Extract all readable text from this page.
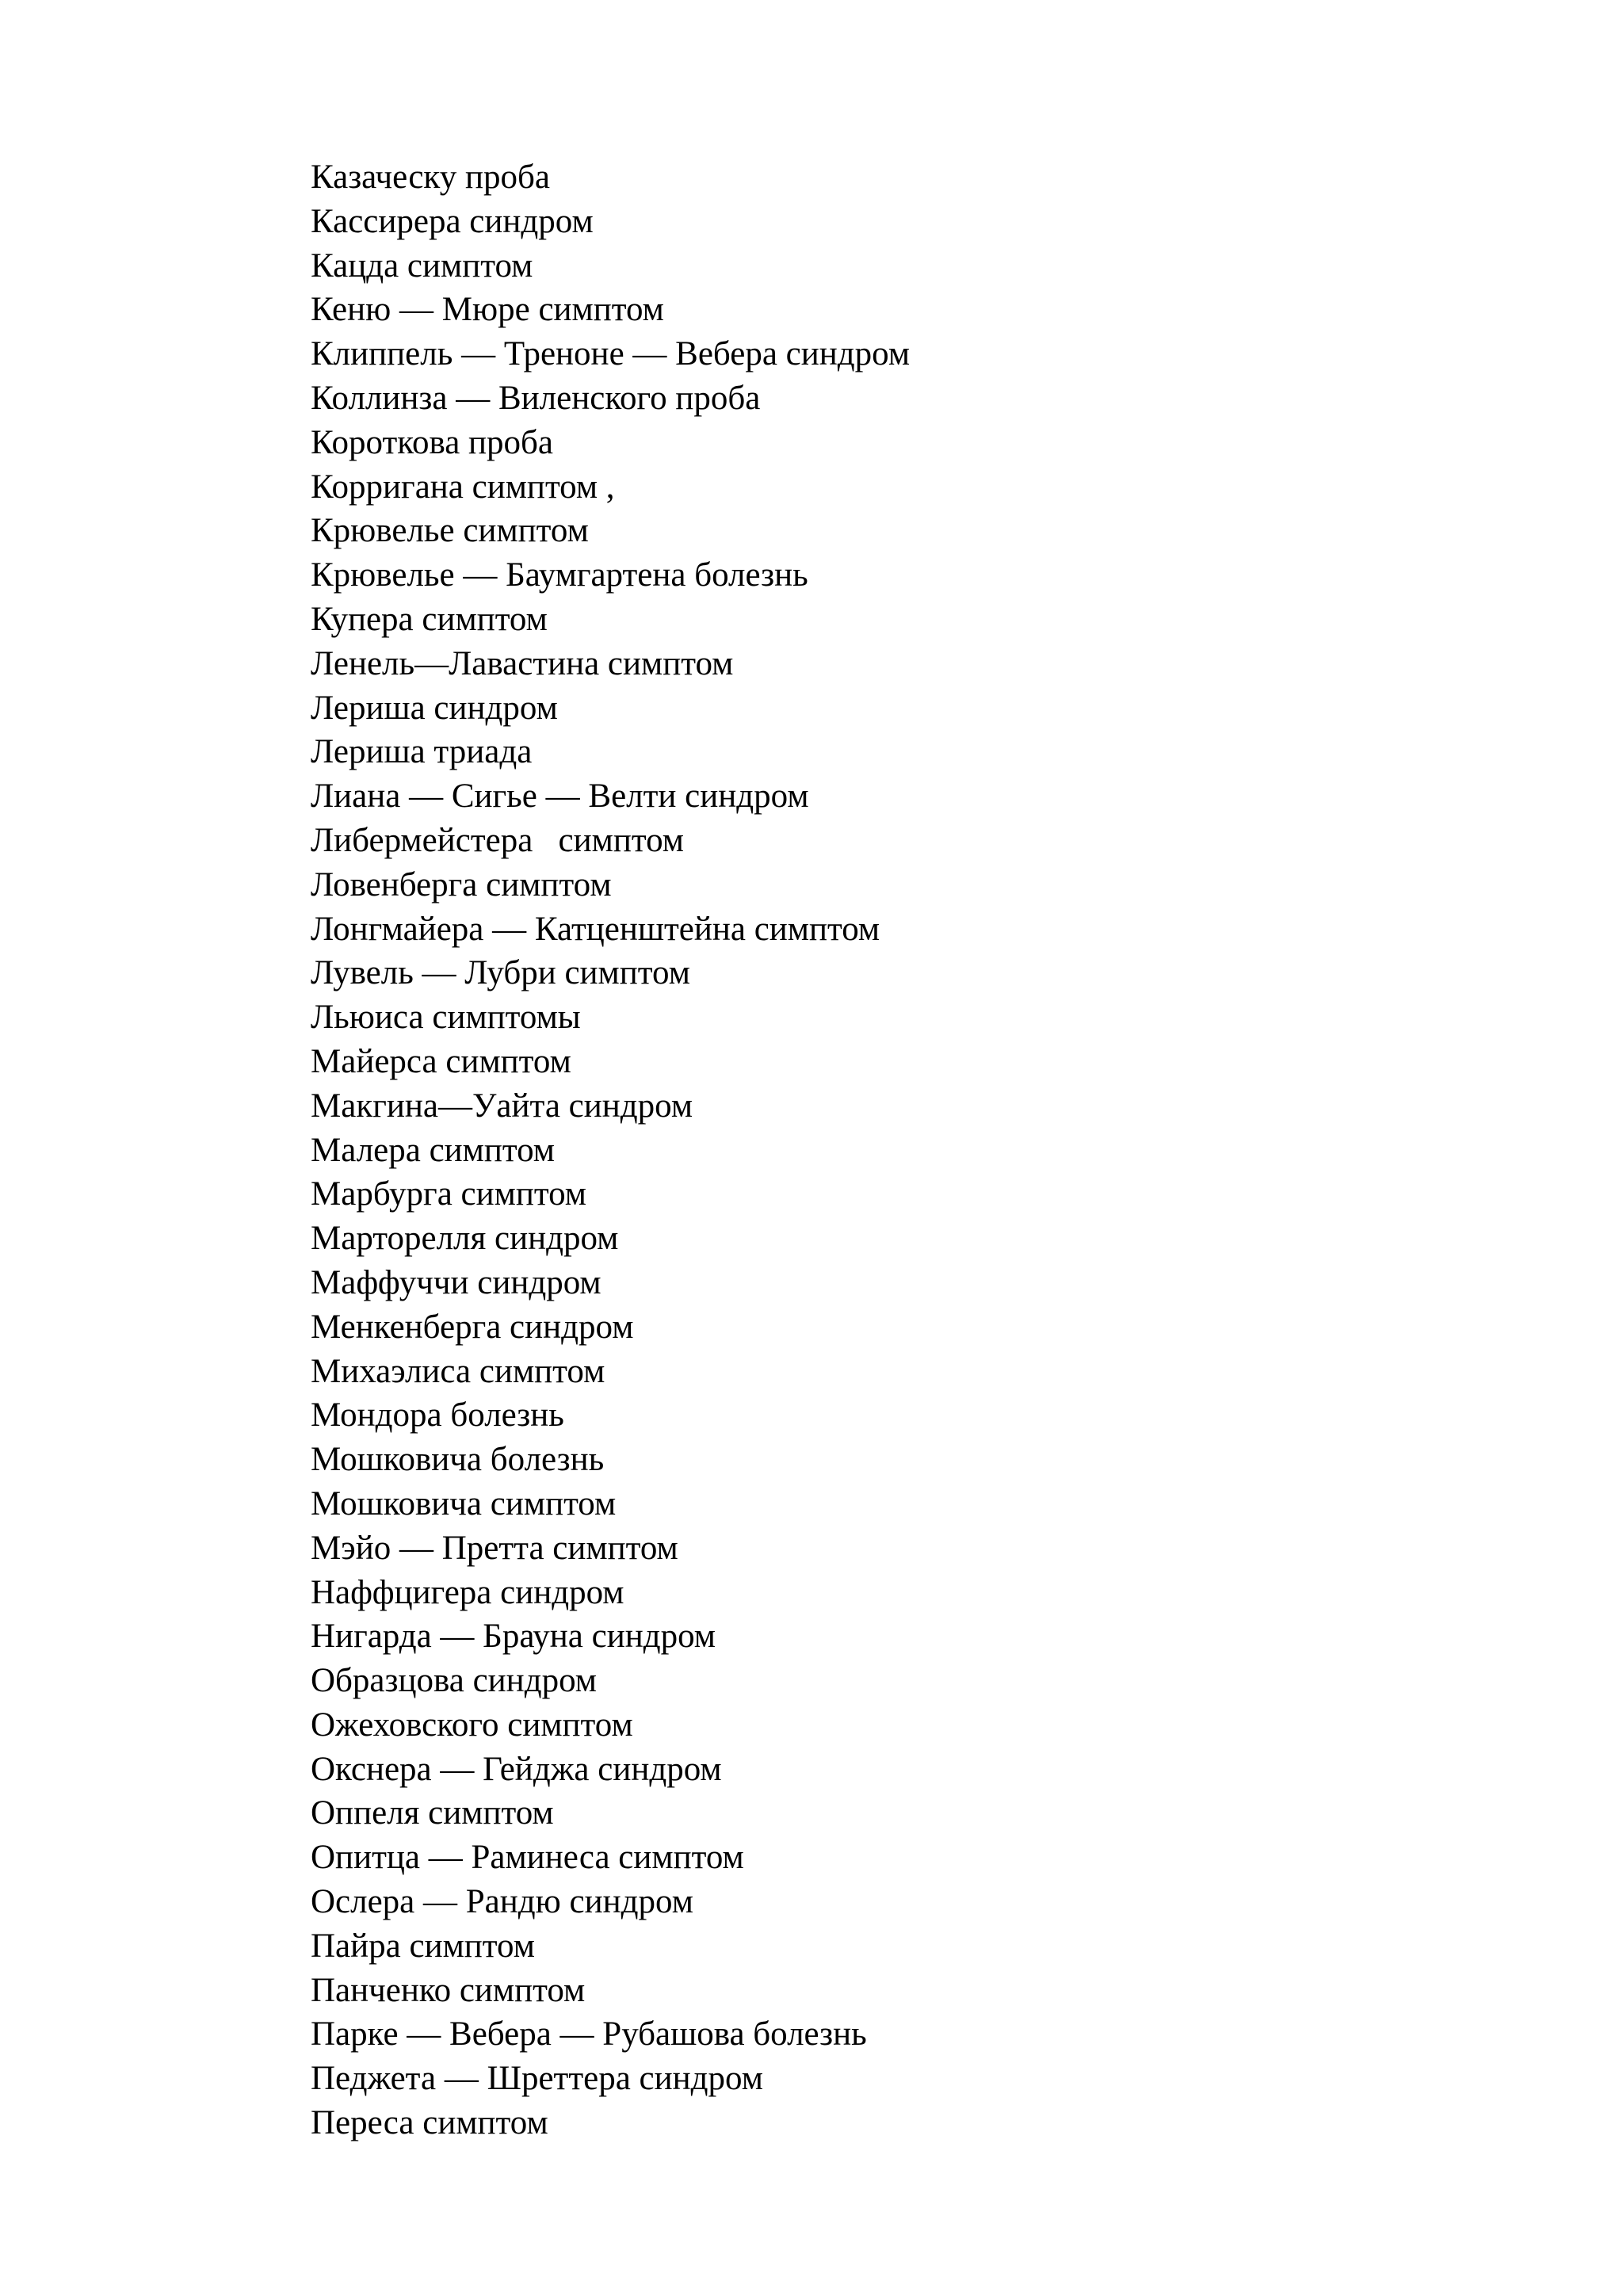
Казаческу проба
Кассирера синдром
Кацда симптом
Кеню — Мюре симптом
Клиппель — Треноне — Вебера синдром
Коллинза — Виленского проба
Короткова проба
Корригана симптом ,
Крювелье симптом
Крювелье — Баумгартена болезнь
Купера симптом
Ленель—Лавастина симптом
Лериша синдром
Лериша триада
Лиана — Сигье — Велти синдром
Либермейстера   симптом
Ловенберга симптом
Лонгмайера — Катценштейна симптом
Лувель — Лубри симптом
Льюиса симптомы
Майерса симптом
Макгина—Уайта синдром
Малера симптом
Марбурга симптом
Марторелля синдром
Маффуччи синдром
Менкенберга синдром
Михаэлиса симптом
Мондора болезнь
Мошковича болезнь
Мошковича симптом
Мэйо — Претта симптом
Наффцигера синдром
Нигарда — Брауна синдром
Образцова синдром
Ожеховского симптом
Окснера — Гейджа синдром
Оппеля симптом
Опитца — Раминеса симптом
Ослера — Рандю синдром
Пайра симптом
Панченко симптом
Парке — Вебера — Рубашова болезнь
Педжета — Шреттера синдром
Переса симптом
